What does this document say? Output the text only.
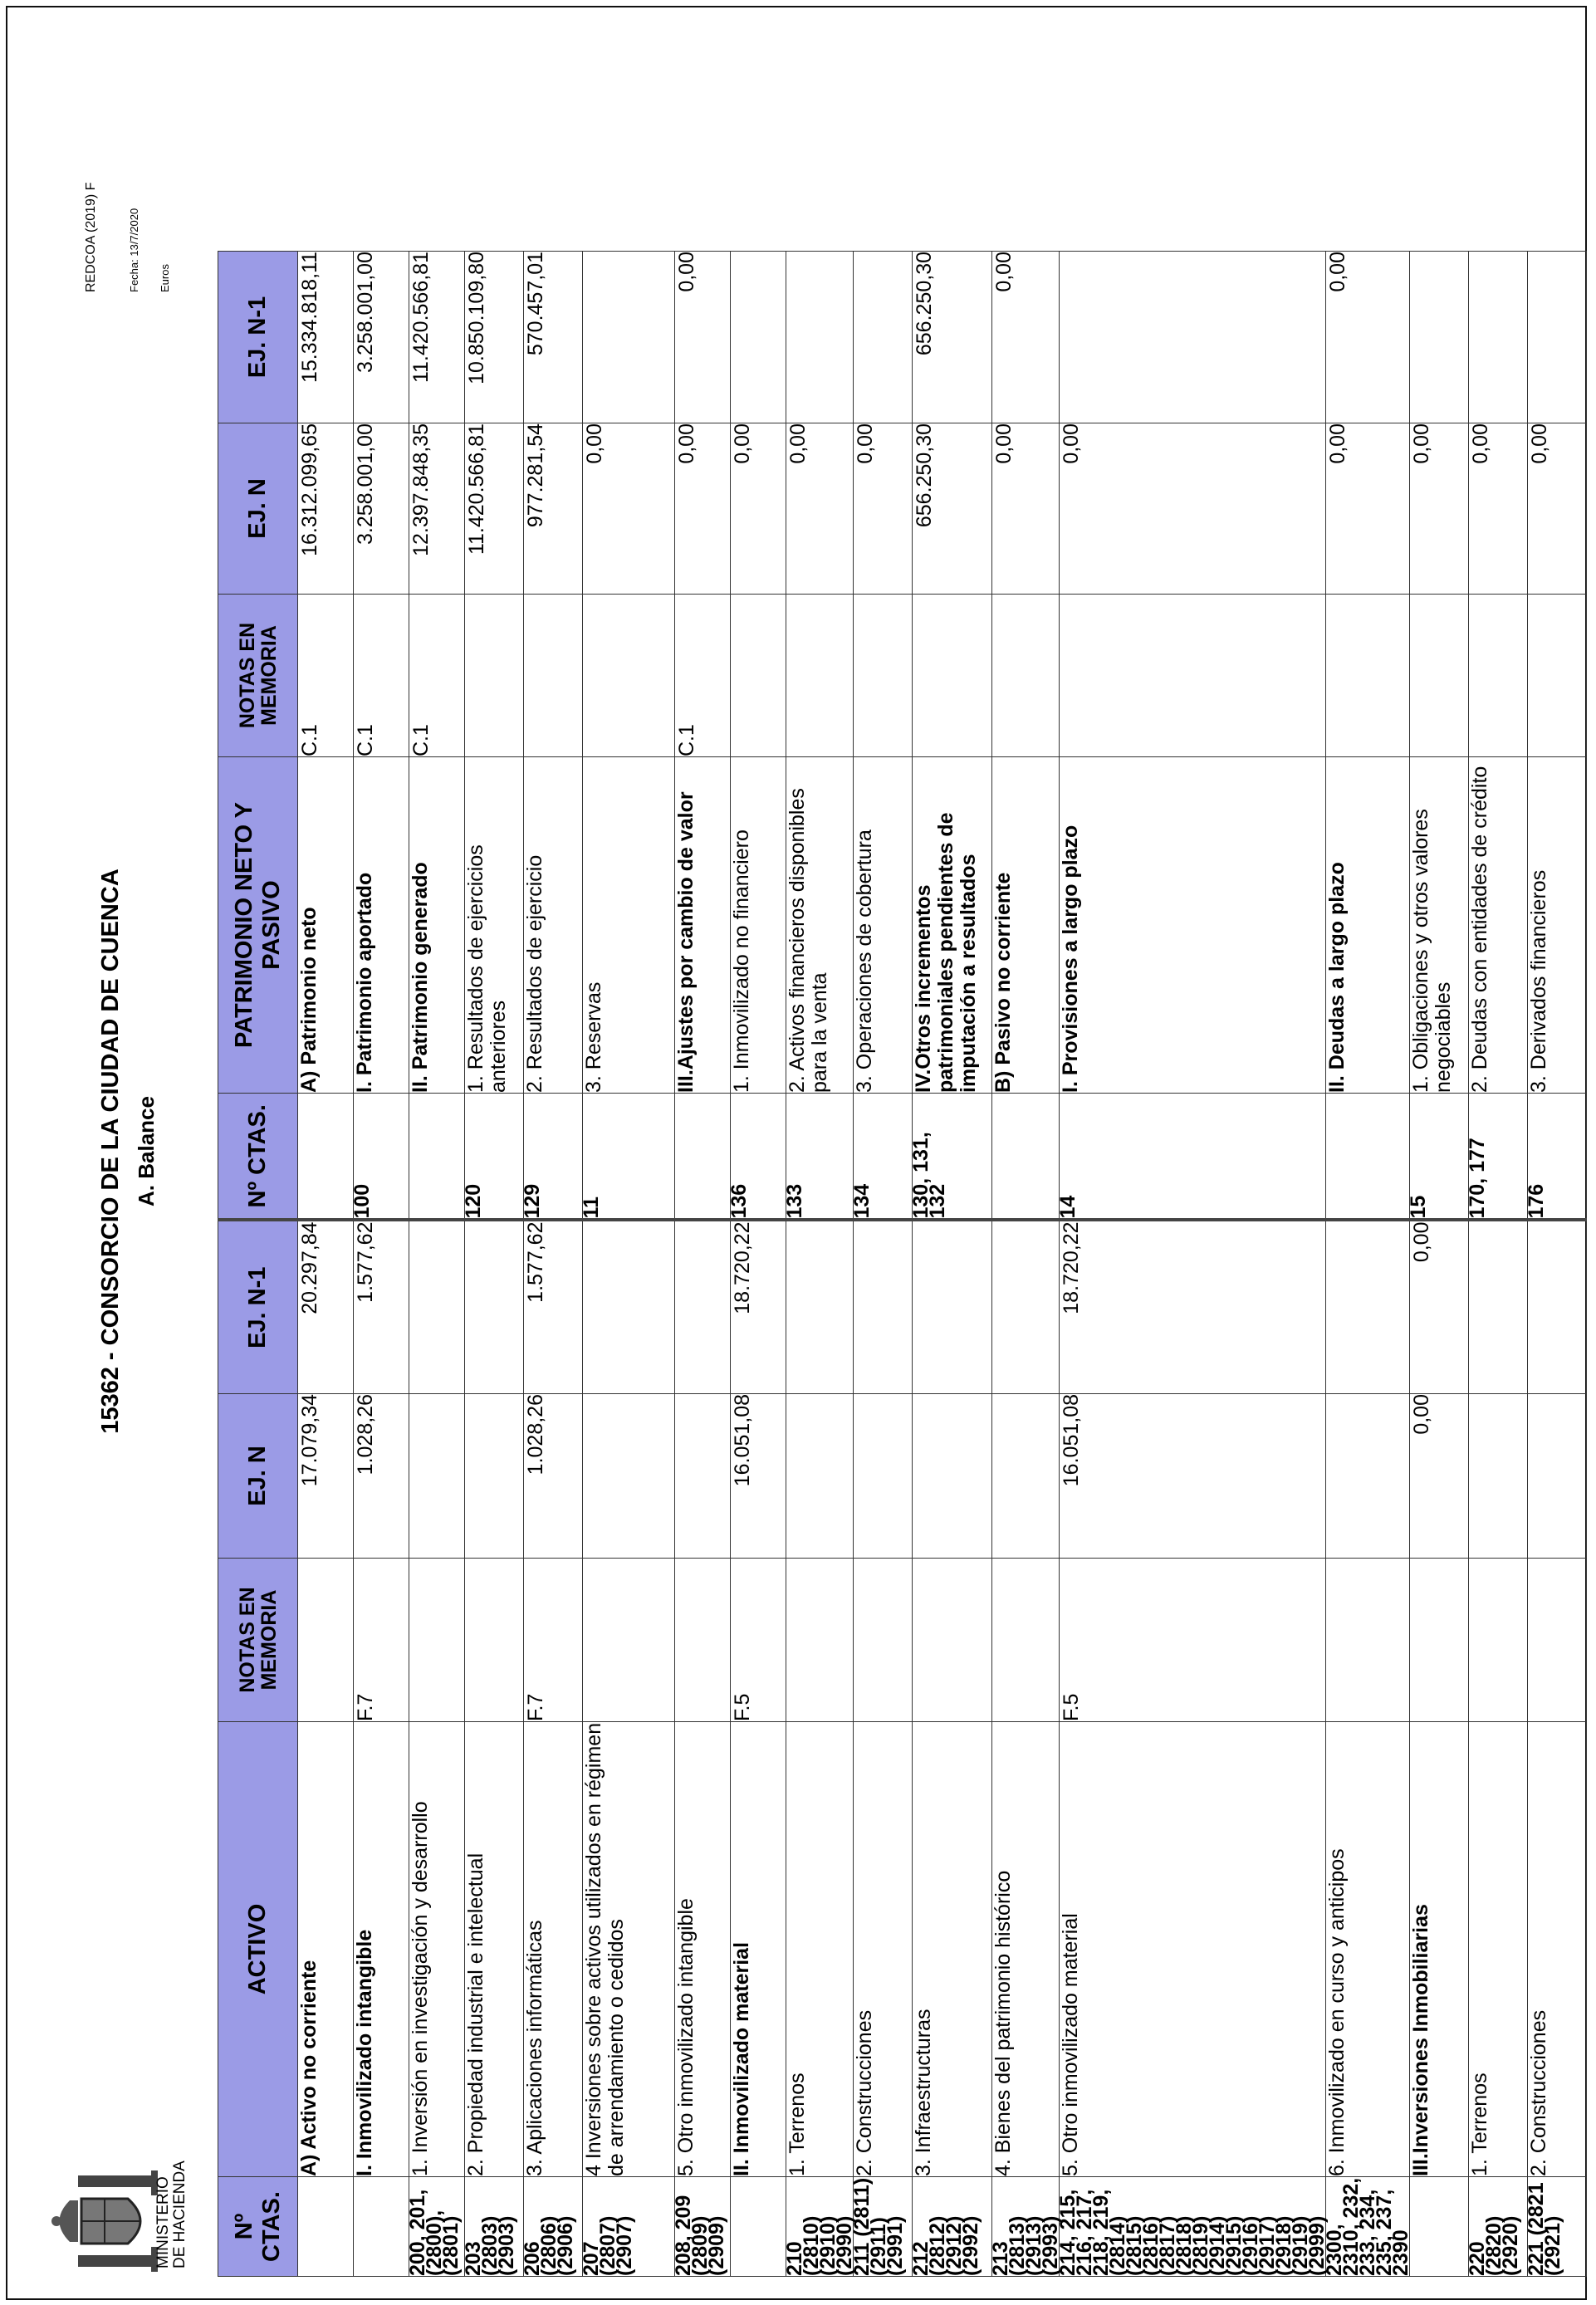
MINISTERIO DE HACIENDA
15362 - CONSORCIO DE LA CIUDAD DE CUENCA A. Balance
REDCOA (2019) F	Fecha: 13/7/2020 Euros
Nº CTAS.	ACTIVO	NOTAS EN MEMORIA	EJ. N	EJ. N-1	Nº CTAS.	PATRIMONIO NETO Y PASIVO	NOTAS EN MEMORIA	EJ. N	EJ. N-1
	A) Activo no corriente		17.079,34	20.297,84		A) Patrimonio neto	C.1	16.312.099,65	15.334.818,11
	I. Inmovilizado intangible	F.7	1.028,26	1.577,62	100	I. Patrimonio aportado	C.1	3.258.001,00	3.258.001,00
200, 201, (2800), (2801)	1. Inversión en investigación y desarrollo					II. Patrimonio generado	C.1	12.397.848,35	11.420.566,81
203 (2803) (2903)	2. Propiedad industrial e intelectual				120	1. Resultados de ejercicios anteriores		11.420.566,81	10.850.109,80
206 (2806) (2906)	3. Aplicaciones informáticas	F.7	1.028,26	1.577,62	129	2. Resultados de ejercicio		977.281,54	570.457,01
207 (2807) (2907)	4 Inversiones sobre activos utilizados en régimen de arrendamiento o cedidos				11	3. Reservas		0,00	
208, 209 (2809) (2909)	5. Otro inmovilizado intangible					III.Ajustes por cambio de valor	C.1	0,00	0,00
	II. Inmovilizado material	F.5	16.051,08	18.720,22	136	1. Inmovilizado no financiero		0,00	
210 (2810) (2910) (2990)	1. Terrenos				133	2. Activos financieros disponibles para la venta		0,00	
211 (2811) (2911) (2991)	2. Construcciones				134	3. Operaciones de cobertura		0,00	
212 (2812) (2912) (2992)	3. Infraestructuras				130, 131, 132	IV.Otros incrementos patrimoniales pendientes de imputación a resultados		656.250,30	656.250,30
213 (2813) (2913) (2993)	4. Bienes del patrimonio histórico					B) Pasivo no corriente		0,00	0,00
214, 215, 216, 217, 218, 219, (2814) (2815) (2816) (2817) (2818) (2819) (2914) (2915) (2916) (2917) (2918) (2919) (2999)	5. Otro inmovilizado material	F.5	16.051,08	18.720,22	14	I. Provisiones a largo plazo		0,00	
2300, 2310, 232, 233, 234, 235, 237, 2390	6. Inmovilizado en curso y anticipos					II. Deudas a largo plazo		0,00	0,00
	III.Inversiones Inmobiliarias		0,00	0,00	15	1. Obligaciones y otros valores negociables		0,00	
220 (2820) (2920)	1. Terrenos				170, 177	2. Deudas con entidades de crédito		0,00	
221 (2821 (2921)	2. Construcciones				176	3. Derivados financieros		0,00	
